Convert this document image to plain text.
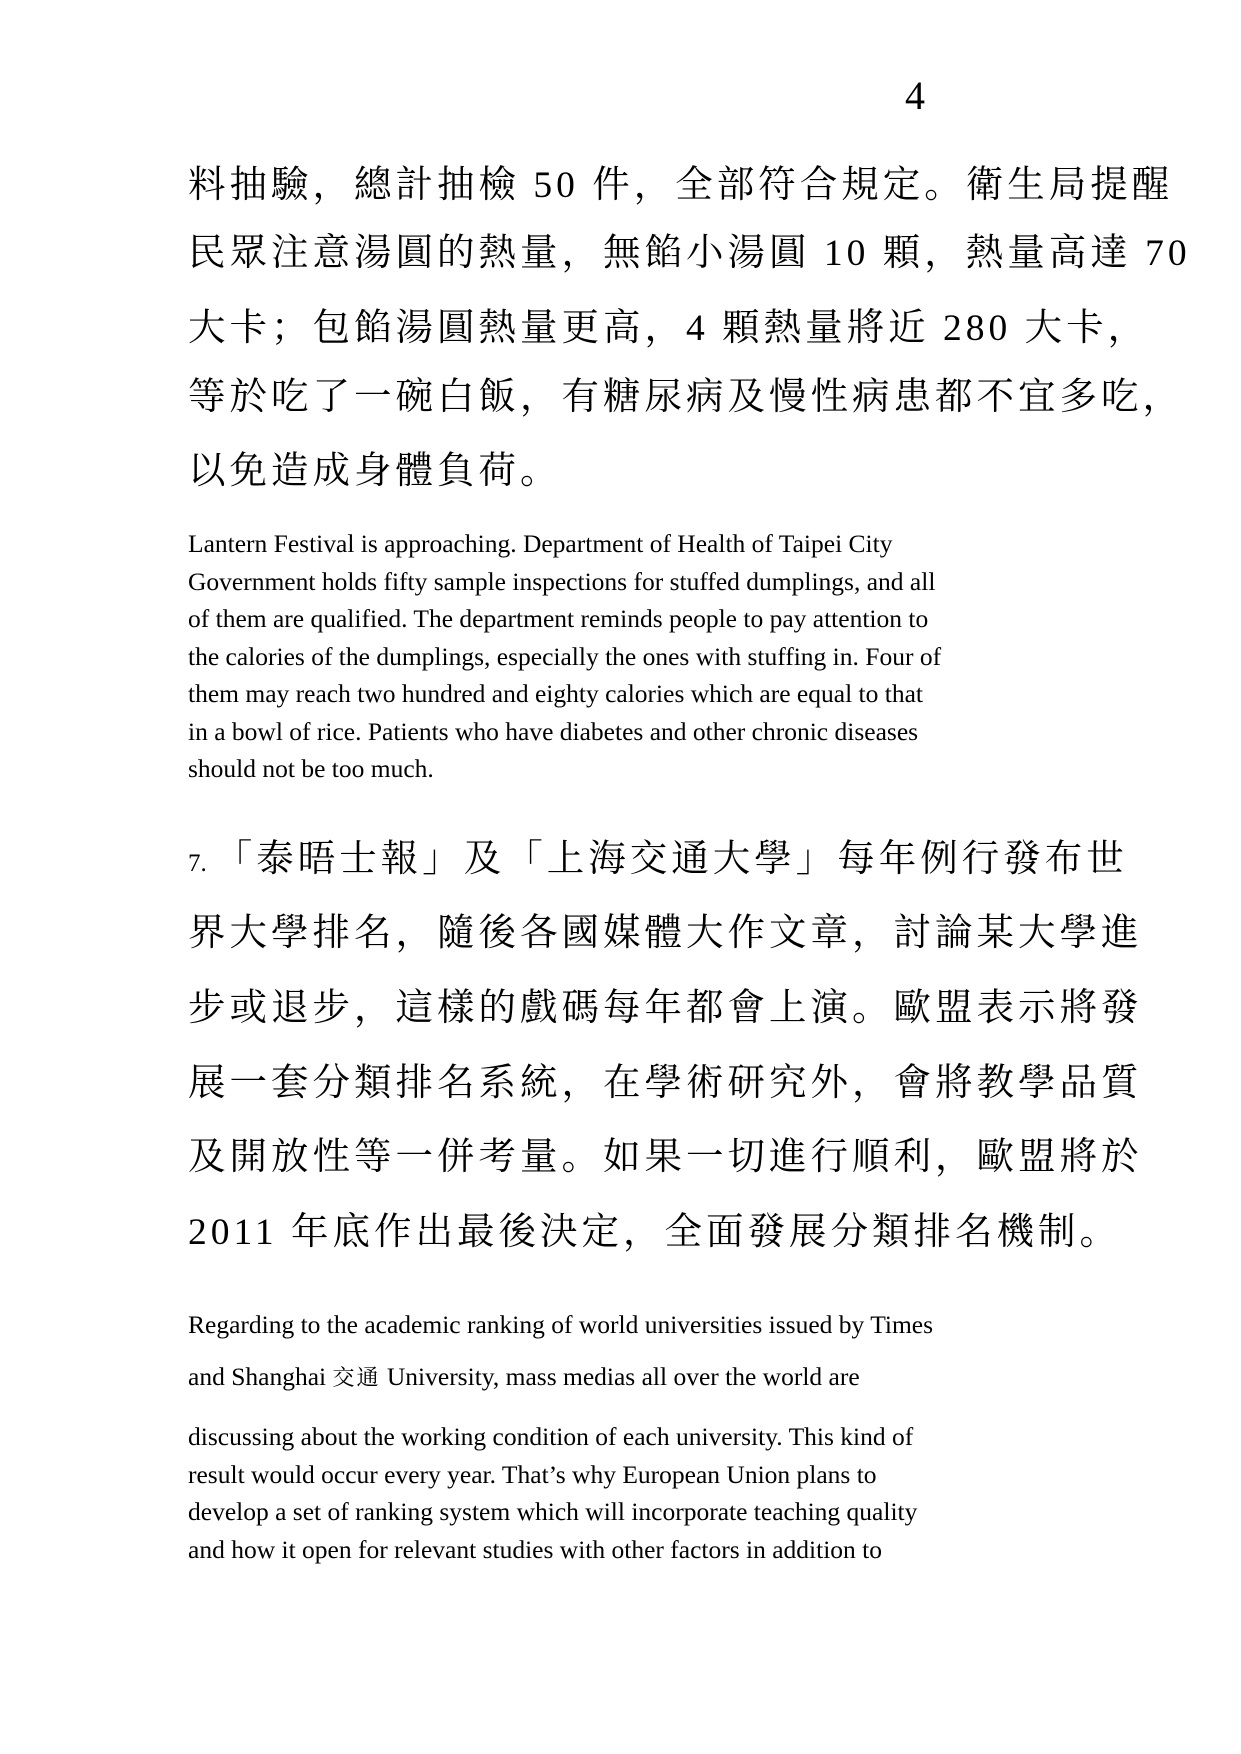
4
料抽驗，總計抽檢 50 件，全部符合規定。衛生局提醒
民眾注意湯圓的熱量，無餡小湯圓 10 顆，熱量高達 70
大卡；包餡湯圓熱量更高，4 顆熱量將近 280 大卡，
等於吃了一碗白飯，有糖尿病及慢性病患都不宜多吃，
以免造成身體負荷。
Lantern Festival is approaching. Department of Health of Taipei City
Government holds fifty sample inspections for stuffed dumplings, and all
of them are qualified. The department reminds people to pay attention to
the calories of the dumplings, especially the ones with stuffing in. Four of
them may reach two hundred and eighty calories which are equal to that
in a bowl of rice. Patients who have diabetes and other chronic diseases
should not be too much.
7. 「泰晤士報」及「上海交通大學」每年例行發布世
界大學排名，隨後各國媒體大作文章，討論某大學進
步或退步，這樣的戲碼每年都會上演。歐盟表示將發
展一套分類排名系統，在學術研究外，會將教學品質
及開放性等一併考量。如果一切進行順利，歐盟將於
2011 年底作出最後決定，全面發展分類排名機制。
Regarding to the academic ranking of world universities issued by Times
and Shanghai 交通 University, mass medias all over the world are
discussing about the working condition of each university. This kind of
result would occur every year. That’s why European Union plans to
develop a set of ranking system which will incorporate teaching quality
and how it open for relevant studies with other factors in addition to
